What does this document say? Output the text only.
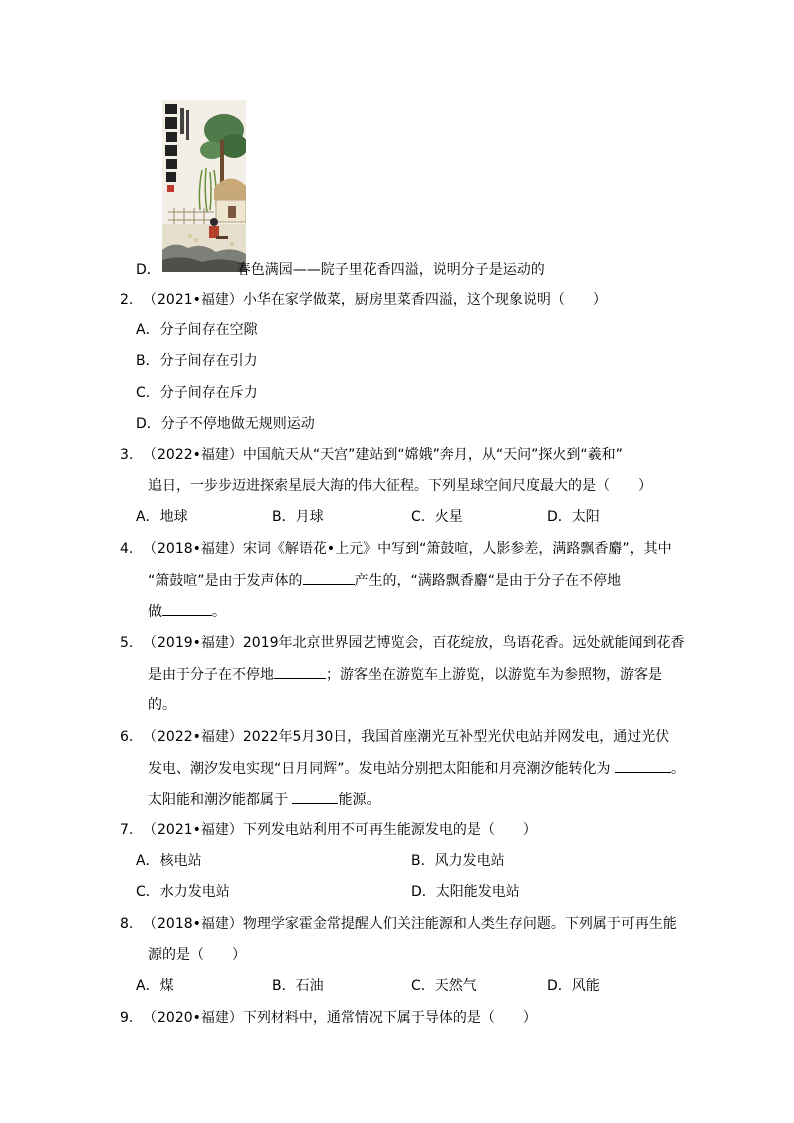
D．	春色满园——院子里花香四溢，说明分子是运动的
2. （2021•福建）小华在家学做菜，厨房里菜香四溢，这个现象说明（　　）
A．分子间存在空隙
B．分子间存在引力
C．分子间存在斥力
D．分子不停地做无规则运动
3. （2022•福建）中国航天从“天宫”建站到“嫦娥”奔月，从“天问”探火到“羲和”
追日，一步步迈进探索星辰大海的伟大征程。下列星球空间尺度最大的是（　　）
A．地球	B．月球	C．火星	D．太阳
4. （2018•福建）宋词《解语花•上元》中写到“箫鼓喧，人影参差，满路飘香麝”，其中
“箫鼓喧”是由于发声体的	产生的，“满路飘香麝“是由于分子在不停地
做	。
5. （2019•福建）2019年北京世界园艺博览会，百花绽放，鸟语花香。远处就能闻到花香
是由于分子在不停地	；游客坐在游览车上游览，以游览车为参照物，游客是
的。
6. （2022•福建）2022年5月30日，我国首座潮光互补型光伏电站并网发电，通过光伏
发电、潮汐发电实现“日月同辉”。发电站分别把太阳能和月亮潮汐能转化为	。
太阳能和潮汐能都属于	能源。
7. （2021•福建）下列发电站利用不可再生能源发电的是（　　）
A．核电站	B．风力发电站
C．水力发电站	D．太阳能发电站
8. （2018•福建）物理学家霍金常提醒人们关注能源和人类生存问题。下列属于可再生能
源的是（　　）
A．煤	B．石油	C．天然气	D．风能
9. （2020•福建）下列材料中，通常情况下属于导体的是（　　）
